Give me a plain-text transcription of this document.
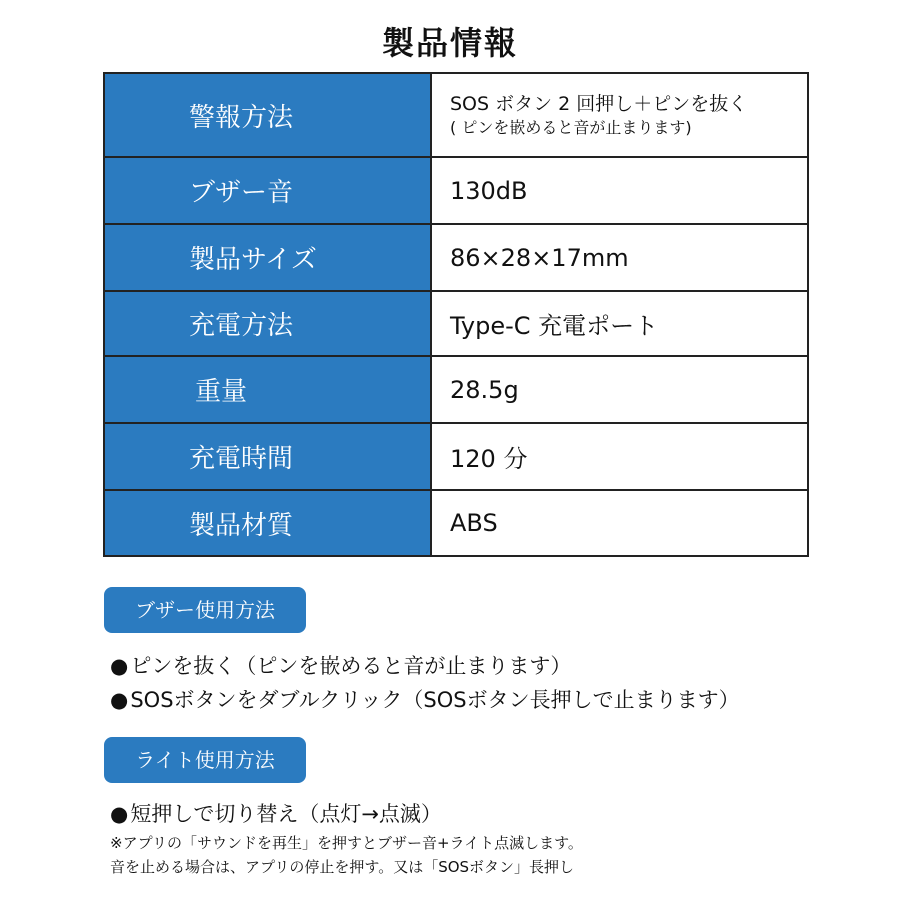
製品情報
警報方法	SOS ボタン 2 回押し＋ピンを抜く
( ピンを嵌めると音が止まります)

ブザー音	130dB
製品サイズ	86×28×17mm
充電方法	Type-C 充電ポート
重量	28.5g
充電時間	120 分
製品材質	ABS
ブザー使用方法
●ピンを抜く（ピンを嵌めると音が止まります）
●SOSボタンをダブルクリック（SOSボタン長押しで止まります）
ライト使用方法
●短押しで切り替え（点灯→点滅）
※アプリの「サウンドを再生」を押すとブザー音+ライト点滅します。
音を止める場合は、アプリの停止を押す。又は「SOSボタン」長押し
